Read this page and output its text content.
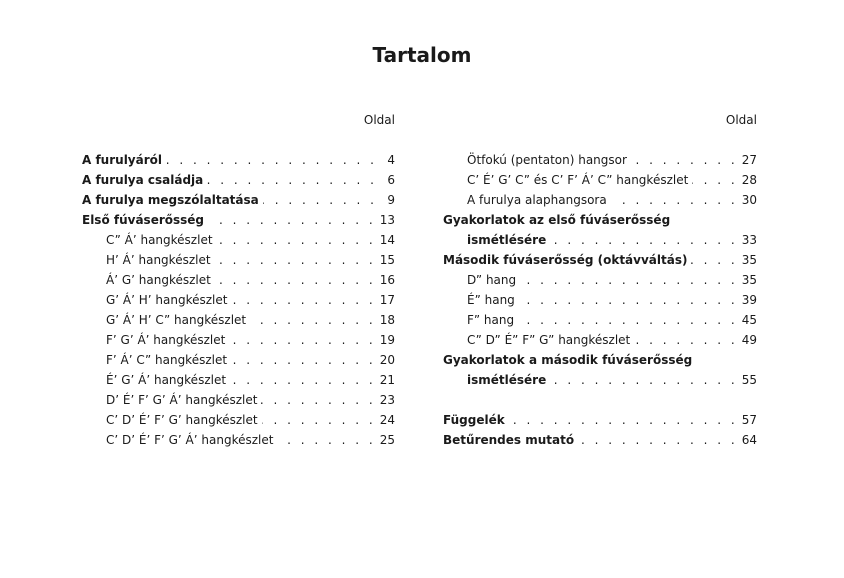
Tartalom
Oldal
A furulyáról . . .	4
A furulya családja . . .	6
A furulya megszólaltatása . . .	9
Első fúváserősség . . .	13
C” Á’ hangkészlet . . .	14
H’ Á’ hangkészlet . . .	15
Á’ G’ hangkészlet . . .	16
G’ Á’ H’ hangkészlet . . .	17
G’ Á’ H’ C” hangkészlet . . .	18
F’ G’ Á’ hangkészlet . . .	19
F’ Á’ C” hangkészlet . . .	20
É’ G’ Á’ hangkészlet . . .	21
D’ É’ F’ G’ Á’ hangkészlet . . .	23
C’ D’ É’ F’ G’ hangkészlet . . .	24
C’ D’ É’ F’ G’ Á’ hangkészlet . . .	25
Oldal
Ötfokú (pentaton) hangsor . . .	27
C’ É’ G’ C” és C’ F’ Á’ C” hangkészlet . . .	28
A furulya alaphangsora . . .	30
Gyakorlatok az első fúváserősség
ismétlésére . . .	33
Második fúváserősség (oktávváltás) . . .	35
D” hang . . .	35
É” hang . . .	39
F” hang . . .	45
C” D” É” F” G” hangkészlet . . .	49
Gyakorlatok a második fúváserősség
ismétlésére . . .	55
Függelék . . .	57
Betűrendes mutató . . .	64
